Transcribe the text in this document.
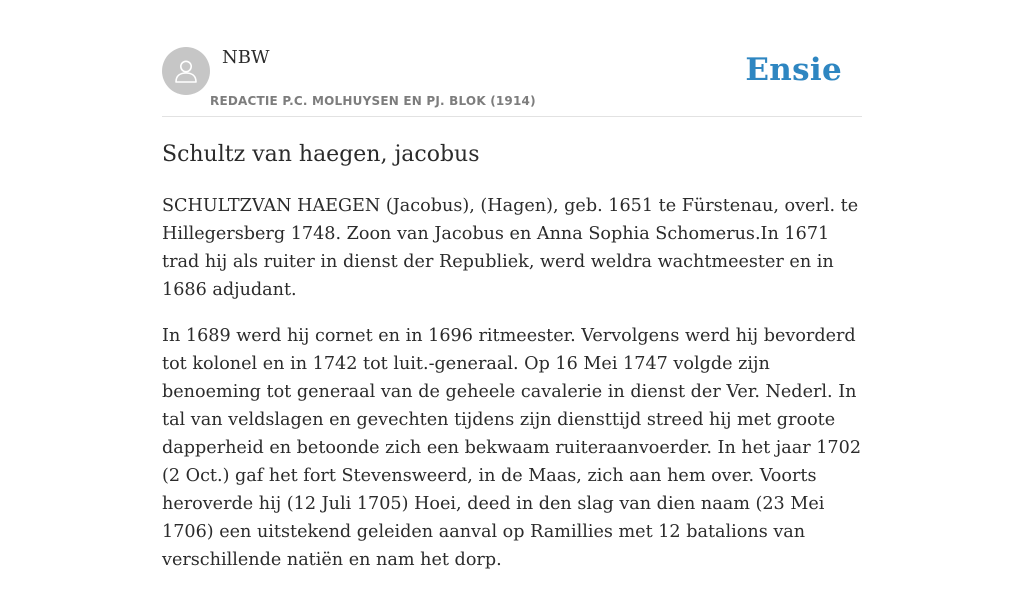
NBW
REDACTIE P.C. MOLHUYSEN EN PJ. BLOK (1914)
Ensie
Schultz van haegen, jacobus

SCHULTZVAN HAEGEN (Jacobus), (Hagen), geb. 1651 te Fürstenau, overl. te Hillegersberg 1748. Zoon van Jacobus en Anna Sophia Schomerus.In 1671 trad hij als ruiter in dienst der Republiek, werd weldra wachtmeester en in 1686 adjudant.

In 1689 werd hij cornet en in 1696 ritmeester. Vervolgens werd hij bevorderd tot kolonel en in 1742 tot luit.-generaal. Op 16 Mei 1747 volgde zijn benoeming tot generaal van de geheele cavalerie in dienst der Ver. Nederl. In tal van veldslagen en gevechten tijdens zijn diensttijd streed hij met groote dapperheid en betoonde zich een bekwaam ruiteraanvoerder. In het jaar 1702 (2 Oct.) gaf het fort Stevensweerd, in de Maas, zich aan hem over. Voorts heroverde hij (12 Juli 1705) Hoei, deed in den slag van dien naam (23 Mei 1706) een uitstekend geleiden aanval op Ramillies met 12 batalions van verschillende natiën en nam het dorp.
